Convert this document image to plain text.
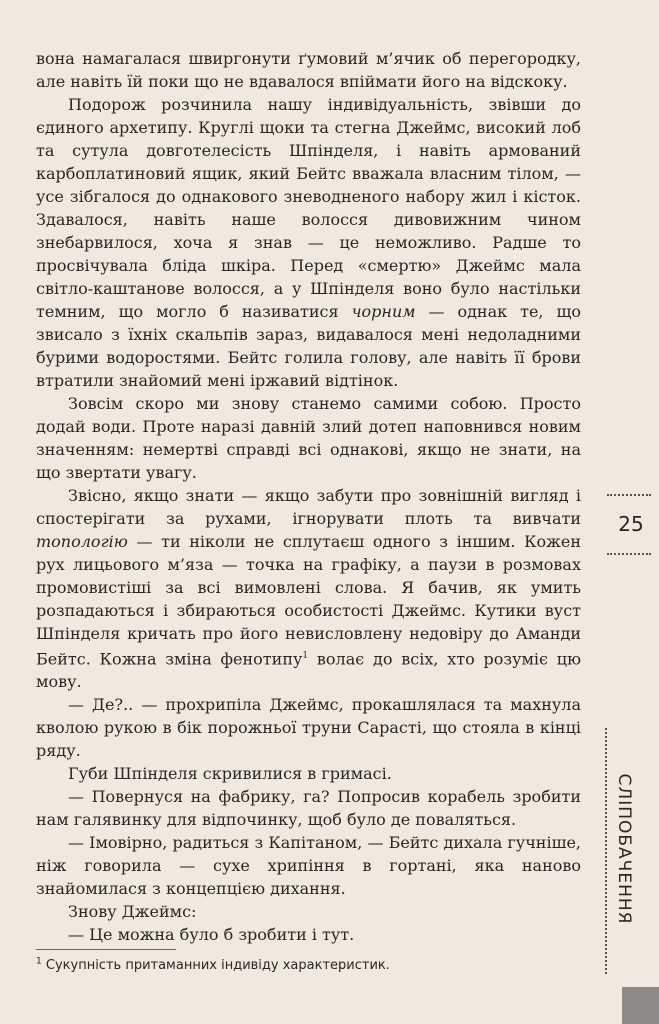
вона намагалася швиргонути ґумовий м’ячик об перегородку, але навіть їй поки що не вдавалося впіймати його на відскоку.

Подорож розчинила нашу індивідуальність, звівши до єдиного архетипу. Круглі щоки та стегна Джеймс, високий лоб та сутула довготелесість Шпінделя, і навіть армований карбоплатиновий ящик, який Бейтс вважала власним тілом, — усе зібгалося до однакового зневодненого набору жил і кісток. Здавалося, навіть наше волосся дивовижним чином знебарвилося, хоча я знав — це неможливо. Радше то просвічувала бліда шкіра. Перед «смертю» Джеймс мала світло-каштанове волосся, а у Шпінделя воно було настільки темним, що могло б називатися чорним — однак те, що звисало з їхніх скальпів зараз, видавалося мені недоладними бурими водоростями. Бейтс голила голову, але навіть її брови втратили знайомий мені іржавий відтінок.

Зовсім скоро ми знову станемо самими собою. Просто додай води. Проте наразі давній злий дотеп наповнився новим значенням: немертві справді всі однакові, якщо не знати, на що звертати увагу.

Звісно, якщо знати — якщо забути про зовнішній вигляд і спостерігати за рухами, ігнорувати плоть та вивчати топологію — ти ніколи не сплутаєш одного з іншим. Кожен рух лицьового м’яза — точка на графіку, а паузи в розмовах промовистіші за всі вимовлені слова. Я бачив, як умить розпадаються і збираються особистості Джеймс. Кутики вуст Шпінделя кричать про його невисловлену недовіру до Аманди Бейтс. Кожна зміна фенотипу$^1$ волає до всіх, хто розуміє цю мову.

— Де?.. — прохрипіла Джеймс, прокашлялася та махнула кволою рукою в бік порожньої труни Сарасті, що стояла в кінці ряду.

Губи Шпінделя скривилися в гримасі.

— Повернуся на фабрику, га? Попросив корабель зробити нам галявинку для відпочинку, щоб було де поваляться.

— Імовірно, радиться з Капітаном, — Бейтс дихала гучніше, ніж говорила — сухе хрипіння в гортані, яка наново знайомилася з концепцією дихання.

Знову Джеймс:

— Це можна було б зробити і тут.

$^1$ Сукупність притаманних індивіду характеристик.

25
СЛІПОБАЧЕННЯ
